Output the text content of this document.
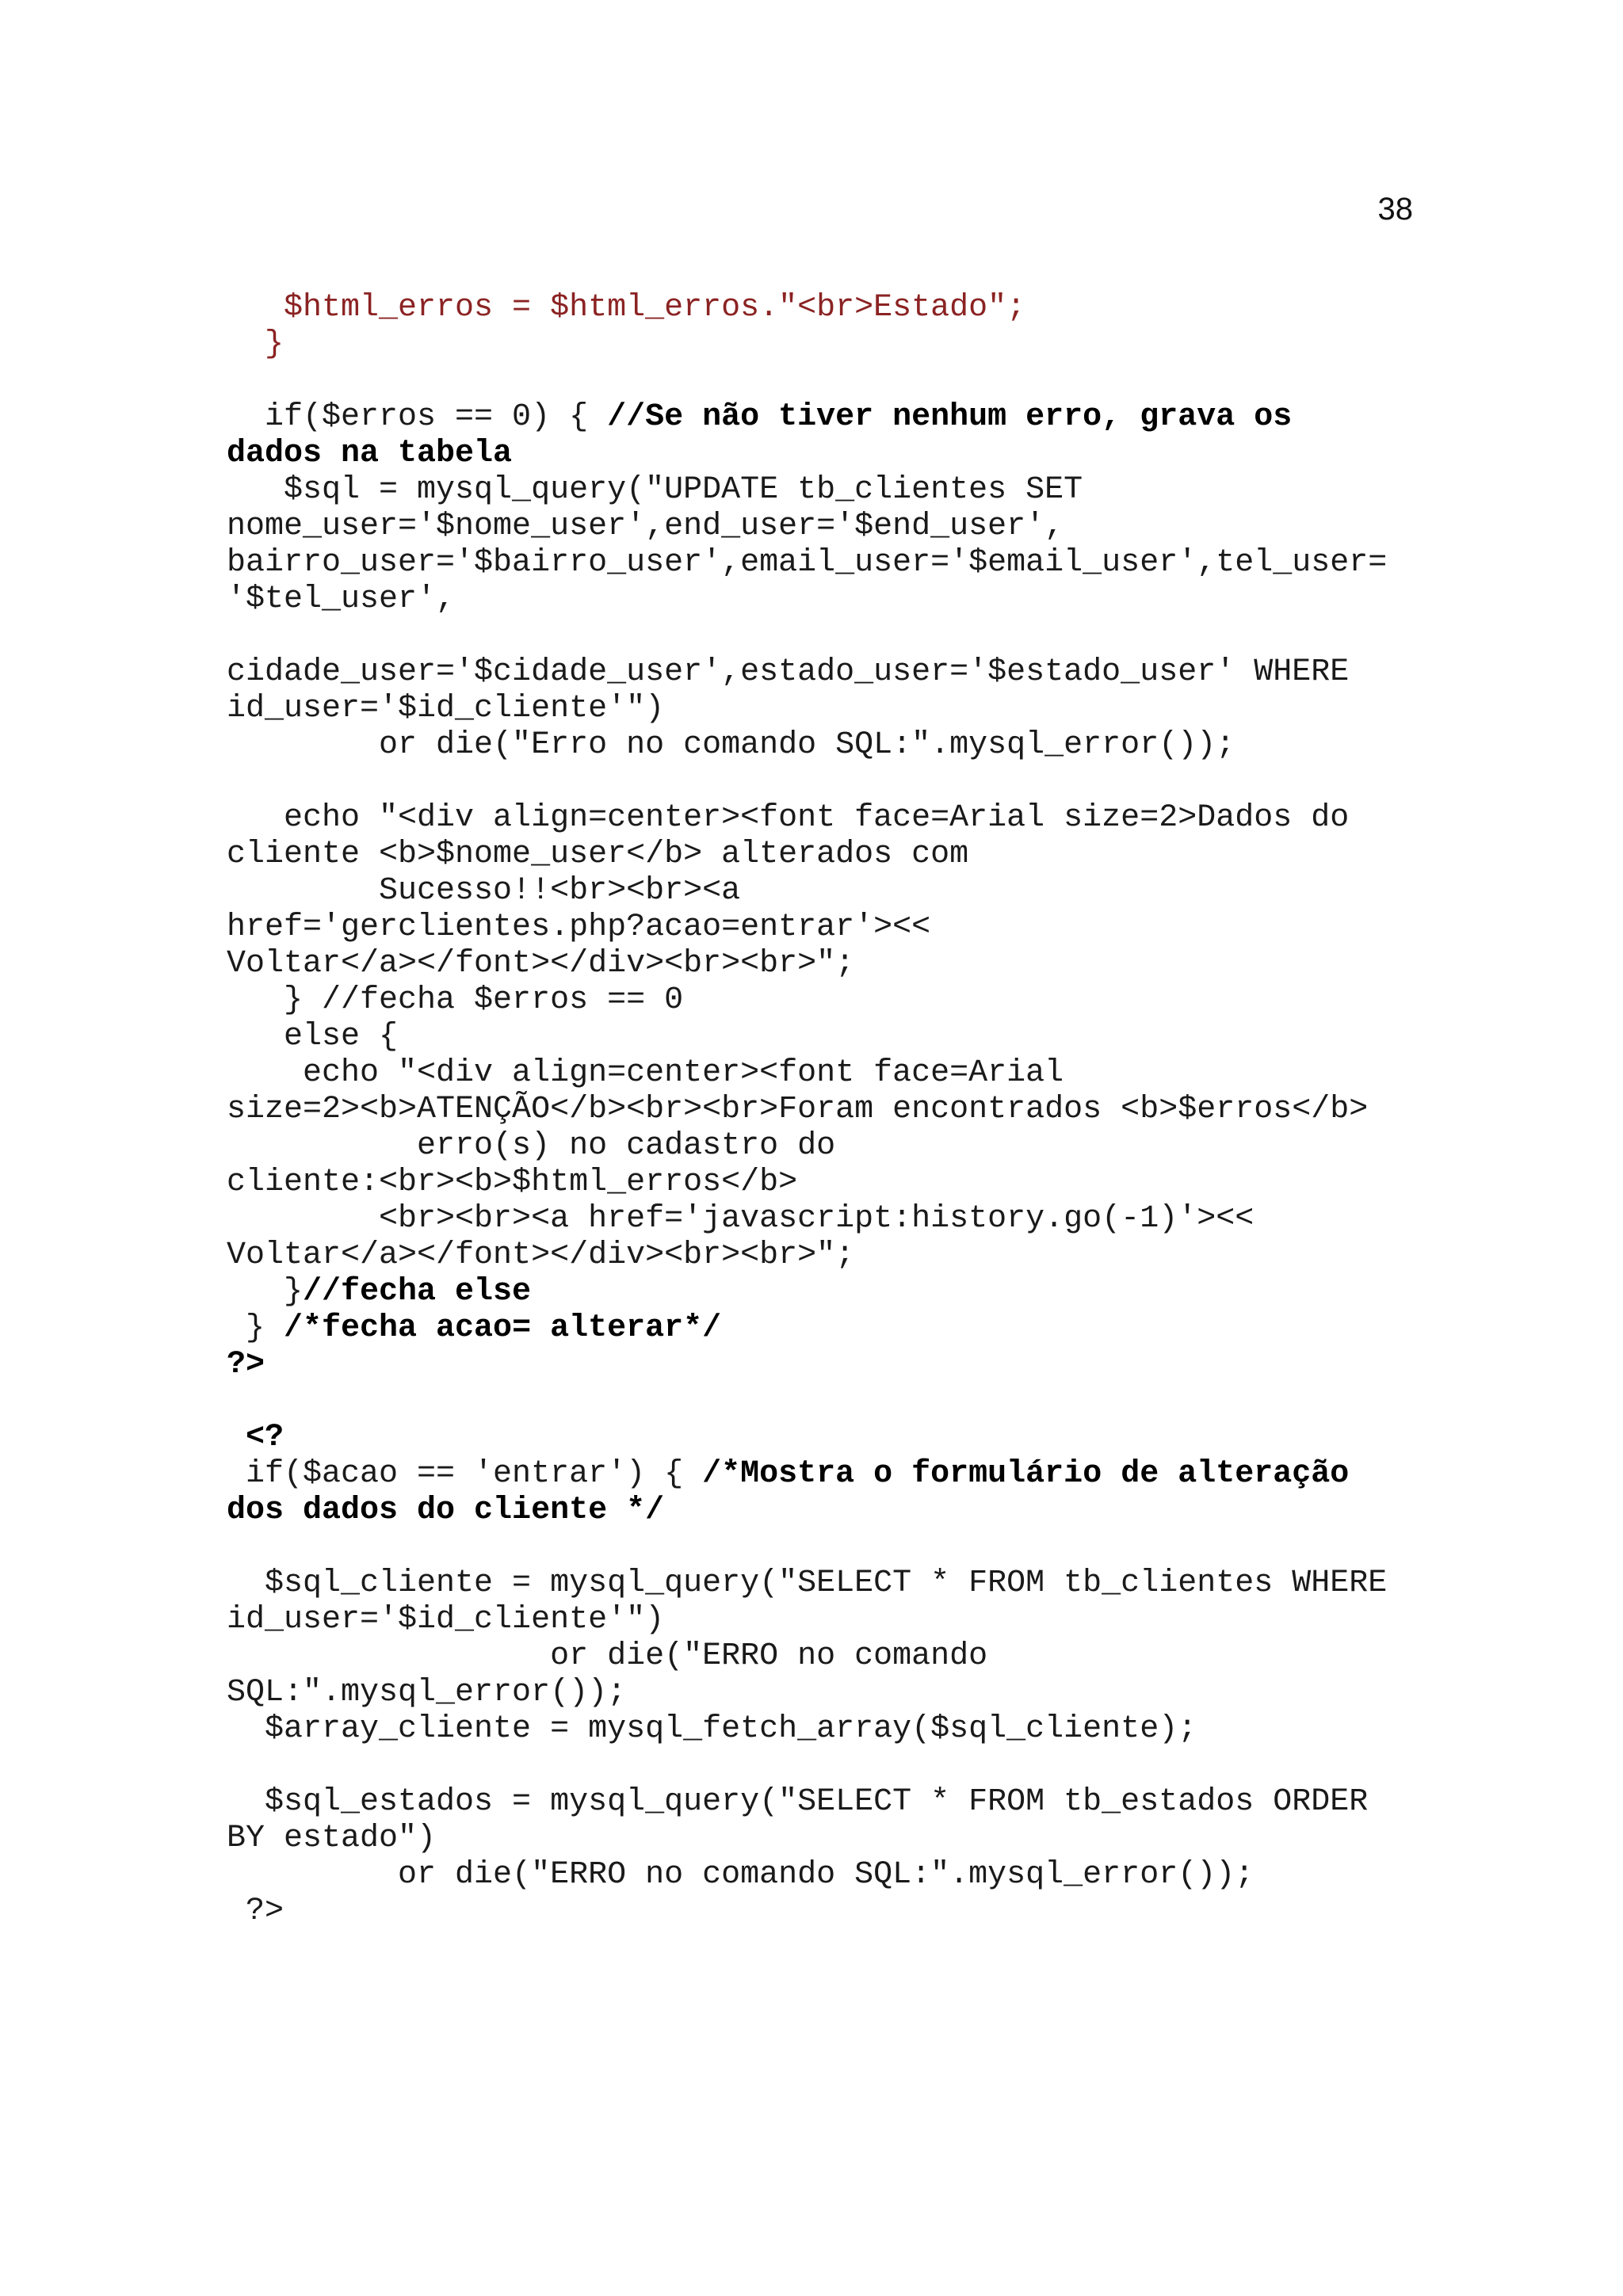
38
$html_erros = $html_erros."<br>Estado";
}
if($erros == 0) { //Se não tiver nenhum erro, grava os
dados na tabela
$sql = mysql_query("UPDATE tb_clientes SET
nome_user='$nome_user',end_user='$end_user',
bairro_user='$bairro_user',email_user='$email_user',tel_user=
'$tel_user',
cidade_user='$cidade_user',estado_user='$estado_user' WHERE
id_user='$id_cliente'")
or die("Erro no comando SQL:".mysql_error());
echo "<div align=center><font face=Arial size=2>Dados do
cliente <b>$nome_user</b> alterados com
Sucesso!!<br><br><a
href='gerclientes.php?acao=entrar'><<
Voltar</a></font></div><br><br>";
} //fecha $erros == 0
else {
echo "<div align=center><font face=Arial
size=2><b>ATENÇÃO</b><br><br>Foram encontrados <b>$erros</b>
erro(s) no cadastro do
cliente:<br><b>$html_erros</b>
<br><br><a href='javascript:history.go(-1)'><<
Voltar</a></font></div><br><br>";
}//fecha else
} /*fecha acao= alterar*/
?>
<?
if($acao == 'entrar') { /*Mostra o formulário de alteração
dos dados do cliente */
$sql_cliente = mysql_query("SELECT * FROM tb_clientes WHERE
id_user='$id_cliente'")
or die("ERRO no comando
SQL:".mysql_error());
$array_cliente = mysql_fetch_array($sql_cliente);
$sql_estados = mysql_query("SELECT * FROM tb_estados ORDER
BY estado")
or die("ERRO no comando SQL:".mysql_error());
?>
